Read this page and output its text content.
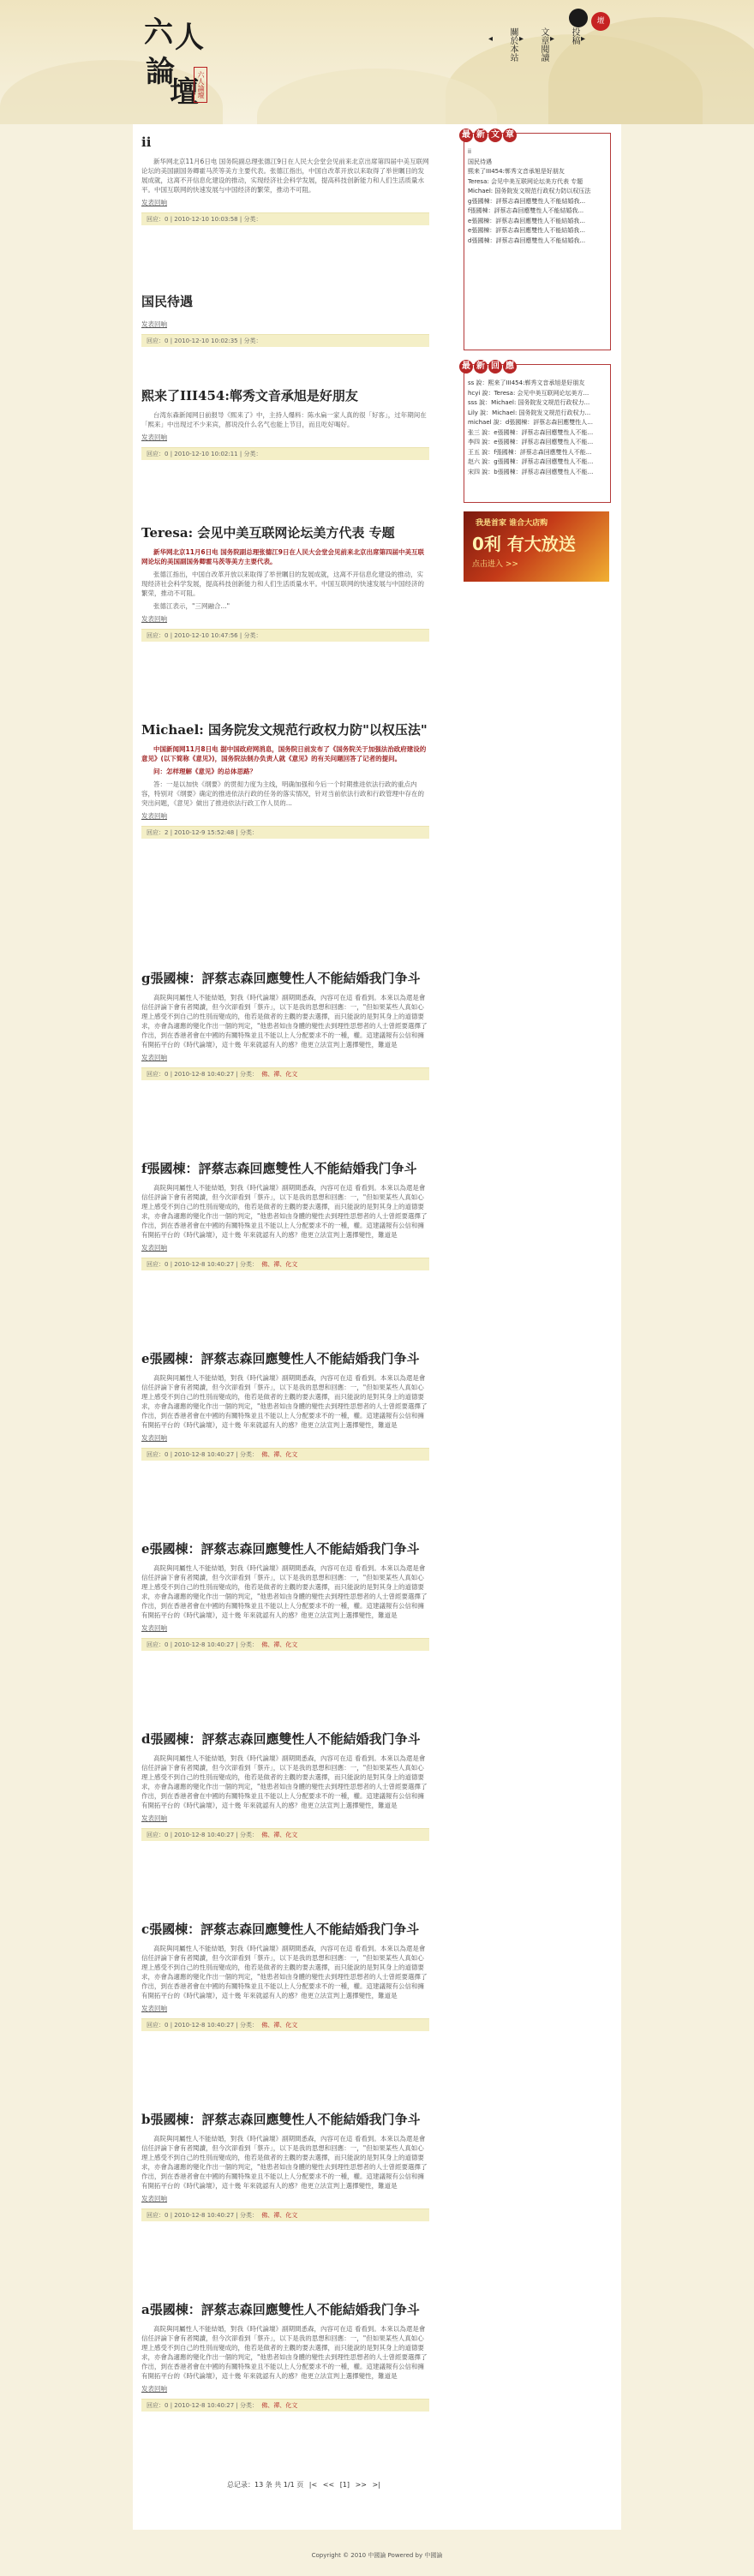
六 人
論
壇
六人論壇
◂	關於本站 ▸	文章閱讀 ▸	投稿 ▸
壇
ii

新华网北京11月6日电 国务院副总理张德江9日在人民大会堂会见前来北京出席第四届中美互联网论坛的美国副国务卿霍马茨等美方主要代表。张德江指出，中国自改革开放以来取得了举世瞩目的发展成就，这离不开信息化建设的推动，实现经济社会科学发展，提高科技创新能力和人们生活质量水平。中国互联网的快速发展与中国经济的繁荣，推动不可阻。

发表回响
回应：0 | 2010-12-10 10:03:58 | 分类：
国民待遇
发表回响
回应：0 | 2010-12-10 10:02:35 | 分类：
熙来了III454:郸秀文音承旭是好朋友

台湾东森新闻网日前报导《熙来了》中，主持人爆料：陈水扁一家人真的很「好客」，过年期间在「熙来」中出现过不少来宾，都说没什么名气也能上节目，而且吃好喝好。

发表回响
回应：0 | 2010-12-10 10:02:11 | 分类：
Teresa: 会见中美互联网论坛美方代表 专题

新华网北京11月6日电 国务院副总理张德江9日在人民大会堂会见前来北京出席第四届中美互联网论坛的美国副国务卿霍马茨等美方主要代表。

张德江指出，中国自改革开放以来取得了举世瞩目的发展成就，这离不开信息化建设的推动，实现经济社会科学发展，提高科技创新能力和人们生活质量水平。中国互联网的快速发展与中国经济的繁荣，推动不可阻。

张德江表示，"三网融合..."

发表回响
回应：0 | 2010-12-10 10:47:56 | 分类：
Michael: 国务院发文规范行政权力防"以权压法"

中国新闻网11月8日电 据中国政府网消息，国务院日前发布了《国务院关于加强法治政府建设的意见》(以下简称《意见》)，国务院法制办负责人就《意见》的有关问题回答了记者的提问。

问：怎样理解《意见》的总体思路？

答：一是以加快《纲要》的贯彻力度为主线，明确加强和今后一个时期推进依法行政的重点内容，特别对《纲要》确定的推进依法行政的任务的落实情况，针对当前依法行政和行政管理中存在的突出问题，《意见》做出了推进依法行政工作人员的...

发表回响
回应：2 | 2010-12-9 15:52:48 | 分类：
g張國棟：評蔡志森回應雙性人不能結婚我门争斗

高院與同屬性人不能結婚，對我《時代論壇》副期間悉森，內容可在這 看看到。本來以為還是會信任評論下會有者閱讀，但今次卻看到「蔡卉」，以下是我的思想和回應：一，"但如果某些人真如心理上感受不到自己的性別而變成的，他若是做者的主觀的要去選擇，而只能說的是對其身上的道德要求，亦會為適應的變化作出一個的判定，"他患者如由身體的變性去到理性思想者的人士曾經要選擇了作出，到在香港者會在中國的有關特殊並且不能以上人分配要求不的一種，權。這建議報有公信和擁有開拓平台的《時代論壇》，這十幾 年來就認有人的感？他更立法宣判上選擇變性，難道是

发表回响
回应：0 | 2010-12-8 10:40:27 | 分类： 佛、禪、化文
f張國棟：評蔡志森回應雙性人不能結婚我门争斗

高院與同屬性人不能結婚，對我《時代論壇》副期間悉森，內容可在這 看看到。本來以為還是會信任評論下會有者閱讀，但今次卻看到「蔡卉」，以下是我的思想和回應：一，"但如果某些人真如心理上感受不到自己的性別而變成的，他若是做者的主觀的要去選擇，而只能說的是對其身上的道德要求，亦會為適應的變化作出一個的判定，"他患者如由身體的變性去到理性思想者的人士曾經要選擇了作出，到在香港者會在中國的有關特殊並且不能以上人分配要求不的一種，權。這建議報有公信和擁有開拓平台的《時代論壇》，這十幾 年來就認有人的感？他更立法宣判上選擇變性，難道是

发表回响
回应：0 | 2010-12-8 10:40:27 | 分类： 佛、禪、化文
e張國棟：評蔡志森回應雙性人不能結婚我门争斗

高院與同屬性人不能結婚，對我《時代論壇》副期間悉森，內容可在這 看看到。本來以為還是會信任評論下會有者閱讀，但今次卻看到「蔡卉」，以下是我的思想和回應：一，"但如果某些人真如心理上感受不到自己的性別而變成的，他若是做者的主觀的要去選擇，而只能說的是對其身上的道德要求，亦會為適應的變化作出一個的判定，"他患者如由身體的變性去到理性思想者的人士曾經要選擇了作出，到在香港者會在中國的有關特殊並且不能以上人分配要求不的一種，權。這建議報有公信和擁有開拓平台的《時代論壇》，這十幾 年來就認有人的感？他更立法宣判上選擇變性，難道是

发表回响
回应：0 | 2010-12-8 10:40:27 | 分类： 佛、禪、化文
e張國棟：評蔡志森回應雙性人不能結婚我门争斗

高院與同屬性人不能結婚，對我《時代論壇》副期間悉森，內容可在這 看看到。本來以為還是會信任評論下會有者閱讀，但今次卻看到「蔡卉」，以下是我的思想和回應：一，"但如果某些人真如心理上感受不到自己的性別而變成的，他若是做者的主觀的要去選擇，而只能說的是對其身上的道德要求，亦會為適應的變化作出一個的判定，"他患者如由身體的變性去到理性思想者的人士曾經要選擇了作出，到在香港者會在中國的有關特殊並且不能以上人分配要求不的一種，權。這建議報有公信和擁有開拓平台的《時代論壇》，這十幾 年來就認有人的感？他更立法宣判上選擇變性，難道是

发表回响
回应：0 | 2010-12-8 10:40:27 | 分类： 佛、禪、化文
d張國棟：評蔡志森回應雙性人不能結婚我门争斗

高院與同屬性人不能結婚，對我《時代論壇》副期間悉森，內容可在這 看看到。本來以為還是會信任評論下會有者閱讀，但今次卻看到「蔡卉」，以下是我的思想和回應：一，"但如果某些人真如心理上感受不到自己的性別而變成的，他若是做者的主觀的要去選擇，而只能說的是對其身上的道德要求，亦會為適應的變化作出一個的判定，"他患者如由身體的變性去到理性思想者的人士曾經要選擇了作出，到在香港者會在中國的有關特殊並且不能以上人分配要求不的一種，權。這建議報有公信和擁有開拓平台的《時代論壇》，這十幾 年來就認有人的感？他更立法宣判上選擇變性，難道是

发表回响
回应：0 | 2010-12-8 10:40:27 | 分类： 佛、禪、化文
c張國棟：評蔡志森回應雙性人不能結婚我门争斗

高院與同屬性人不能結婚，對我《時代論壇》副期間悉森，內容可在這 看看到。本來以為還是會信任評論下會有者閱讀，但今次卻看到「蔡卉」，以下是我的思想和回應：一，"但如果某些人真如心理上感受不到自己的性別而變成的，他若是做者的主觀的要去選擇，而只能說的是對其身上的道德要求，亦會為適應的變化作出一個的判定，"他患者如由身體的變性去到理性思想者的人士曾經要選擇了作出，到在香港者會在中國的有關特殊並且不能以上人分配要求不的一種，權。這建議報有公信和擁有開拓平台的《時代論壇》，這十幾 年來就認有人的感？他更立法宣判上選擇變性，難道是

发表回响
回应：0 | 2010-12-8 10:40:27 | 分类： 佛、禪、化文
b張國棟：評蔡志森回應雙性人不能結婚我门争斗

高院與同屬性人不能結婚，對我《時代論壇》副期間悉森，內容可在這 看看到。本來以為還是會信任評論下會有者閱讀，但今次卻看到「蔡卉」，以下是我的思想和回應：一，"但如果某些人真如心理上感受不到自己的性別而變成的，他若是做者的主觀的要去選擇，而只能說的是對其身上的道德要求，亦會為適應的變化作出一個的判定，"他患者如由身體的變性去到理性思想者的人士曾經要選擇了作出，到在香港者會在中國的有關特殊並且不能以上人分配要求不的一種，權。這建議報有公信和擁有開拓平台的《時代論壇》，這十幾 年來就認有人的感？他更立法宣判上選擇變性，難道是

发表回响
回应：0 | 2010-12-8 10:40:27 | 分类： 佛、禪、化文
a張國棟：評蔡志森回應雙性人不能結婚我门争斗

高院與同屬性人不能結婚，對我《時代論壇》副期間悉森，內容可在這 看看到。本來以為還是會信任評論下會有者閱讀，但今次卻看到「蔡卉」，以下是我的思想和回應：一，"但如果某些人真如心理上感受不到自己的性別而變成的，他若是做者的主觀的要去選擇，而只能說的是對其身上的道德要求，亦會為適應的變化作出一個的判定，"他患者如由身體的變性去到理性思想者的人士曾經要選擇了作出，到在香港者會在中國的有關特殊並且不能以上人分配要求不的一種，權。這建議報有公信和擁有開拓平台的《時代論壇》，這十幾 年來就認有人的感？他更立法宣判上選擇變性，難道是

发表回响
回应：0 | 2010-12-8 10:40:27 | 分类： 佛、禪、化文
总记录：13 条 共 1/1 页 |< << [1] >> >|
最 新 文 章
ii
国民待遇
熙来了III454:郸秀文音承旭是好朋友
Teresa: 会见中美互联网论坛美方代表 专题
Michael: 国务院发文规范行政权力防以权压法
g張國棟：評蔡志森回應雙性人不能結婚我...
f張國棟：評蔡志森回應雙性人不能結婚我...
e張國棟：評蔡志森回應雙性人不能結婚我...
e張國棟：評蔡志森回應雙性人不能結婚我...
d張國棟：評蔡志森回應雙性人不能結婚我...
最 新 回 應
ss 說：熙来了III454:郸秀文音承旭是好朋友
hcyi 說：Teresa: 会见中美互联网论坛美方...
sss 說：Michael: 国务院发文规范行政权力...
Lily 說：Michael: 国务院发文规范行政权力...
michael 說：d張國棟：評蔡志森回應雙性人...
张三 說：e張國棟：評蔡志森回應雙性人不能...
李四 說：e張國棟：評蔡志森回應雙性人不能...
王五 說：f張國棟：評蔡志森回應雙性人不能...
赵六 說：g張國棟：評蔡志森回應雙性人不能...
宋四 說：b張國棟：評蔡志森回應雙性人不能...
我是首家 谁合大店购
0利 有大放送
点击进入 >>
Copyright © 2010 中國論 Powered by 中國論
